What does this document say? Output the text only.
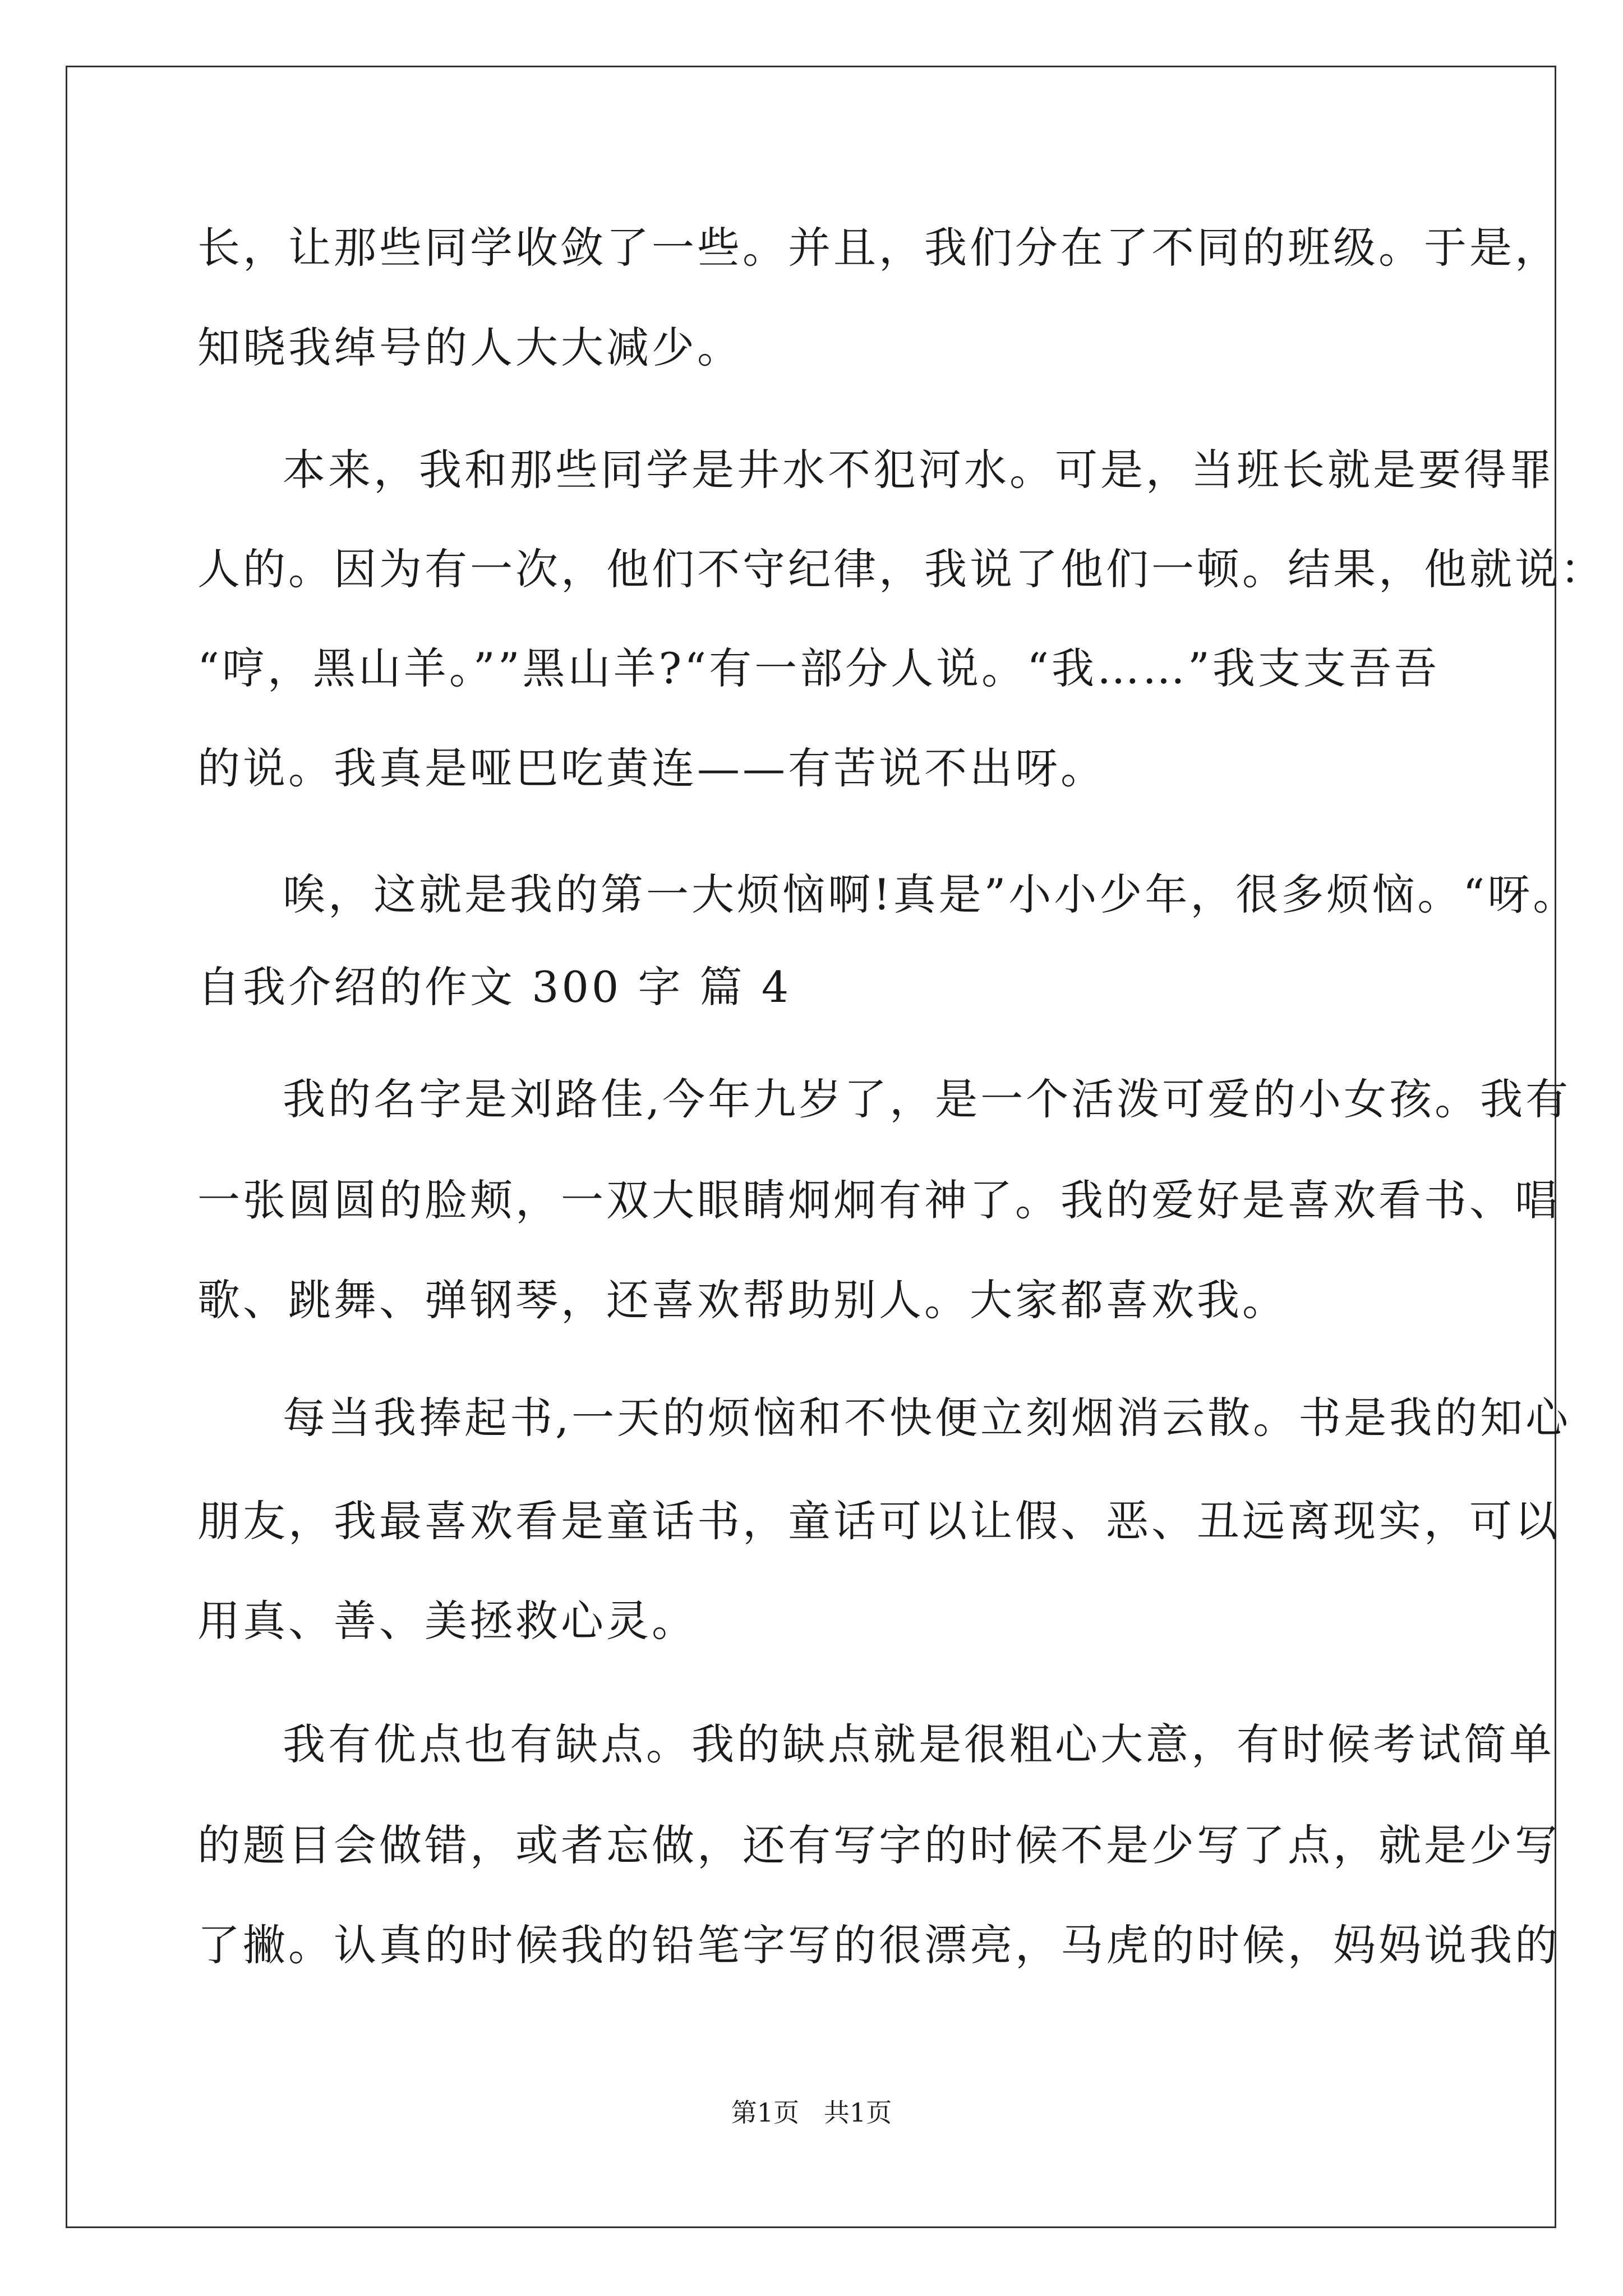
长，让那些同学收敛了一些。并且，我们分在了不同的班级。于是，
知晓我绰号的人大大减少。
本来，我和那些同学是井水不犯河水。可是，当班长就是要得罪
人的。因为有一次，他们不守纪律，我说了他们一顿。结果，他就说：
“哼，黑山羊。””黑山羊?“有一部分人说。“我……”我支支吾吾
的说。我真是哑巴吃黄连——有苦说不出呀。
唉，这就是我的第一大烦恼啊!真是”小小少年，很多烦恼。“呀。
自我介绍的作文 300 字 篇 4
我的名字是刘路佳,今年九岁了，是一个活泼可爱的小女孩。我有
一张圆圆的脸颊，一双大眼睛炯炯有神了。我的爱好是喜欢看书、唱
歌、跳舞、弹钢琴，还喜欢帮助别人。大家都喜欢我。
每当我捧起书,一天的烦恼和不快便立刻烟消云散。书是我的知心
朋友，我最喜欢看是童话书，童话可以让假、恶、丑远离现实，可以
用真、善、美拯救心灵。
我有优点也有缺点。我的缺点就是很粗心大意，有时候考试简单
的题目会做错，或者忘做，还有写字的时候不是少写了点，就是少写
了撇。认真的时候我的铅笔字写的很漂亮，马虎的时候，妈妈说我的
第1页   共1页
